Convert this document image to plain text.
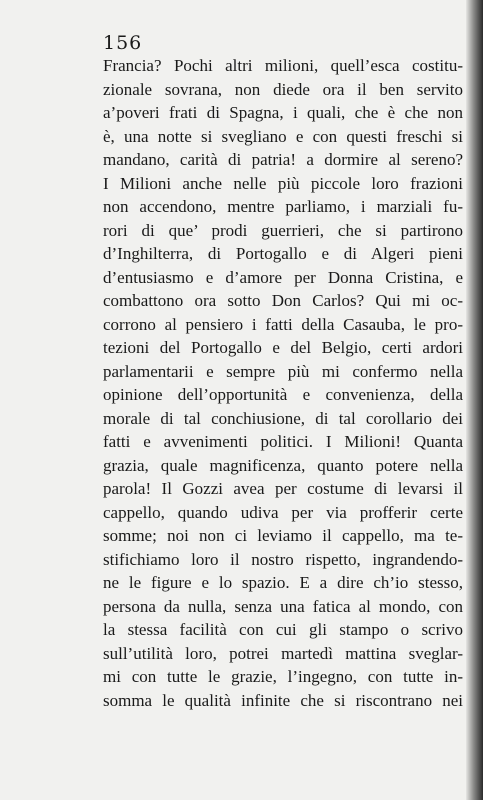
156
Francia? Pochi altri milioni, quell’esca costitu-
zionale sovrana, non diede ora il ben servito
a’poveri frati di Spagna, i quali, che è che non
è, una notte si svegliano e con questi freschi si
mandano, carità di patria! a dormire al sereno?
I Milioni anche nelle più piccole loro frazioni
non accendono, mentre parliamo, i marziali fu-
rori di que’ prodi guerrieri, che si partirono
d’Inghilterra, di Portogallo e di Algeri pieni
d’entusiasmo e d’amore per Donna Cristina, e
combattono ora sotto Don Carlos? Qui mi oc-
corrono al pensiero i fatti della Casauba, le pro-
tezioni del Portogallo e del Belgio, certi ardori
parlamentarii e sempre più mi confermo nella
opinione dell’opportunità e convenienza, della
morale di tal conchiusione, di tal corollario dei
fatti e avvenimenti politici. I Milioni! Quanta
grazia, quale magnificenza, quanto potere nella
parola! Il Gozzi avea per costume di levarsi il
cappello, quando udiva per via profferir certe
somme; noi non ci leviamo il cappello, ma te-
stifichiamo loro il nostro rispetto, ingrandendo-
ne le figure e lo spazio. E a dire ch’io stesso,
persona da nulla, senza una fatica al mondo, con
la stessa facilità con cui gli stampo o scrivo
sull’utilità loro, potrei martedì mattina sveglar-
mi con tutte le grazie, l’ingegno, con tutte in-
somma le qualità infinite che si riscontrano nei
